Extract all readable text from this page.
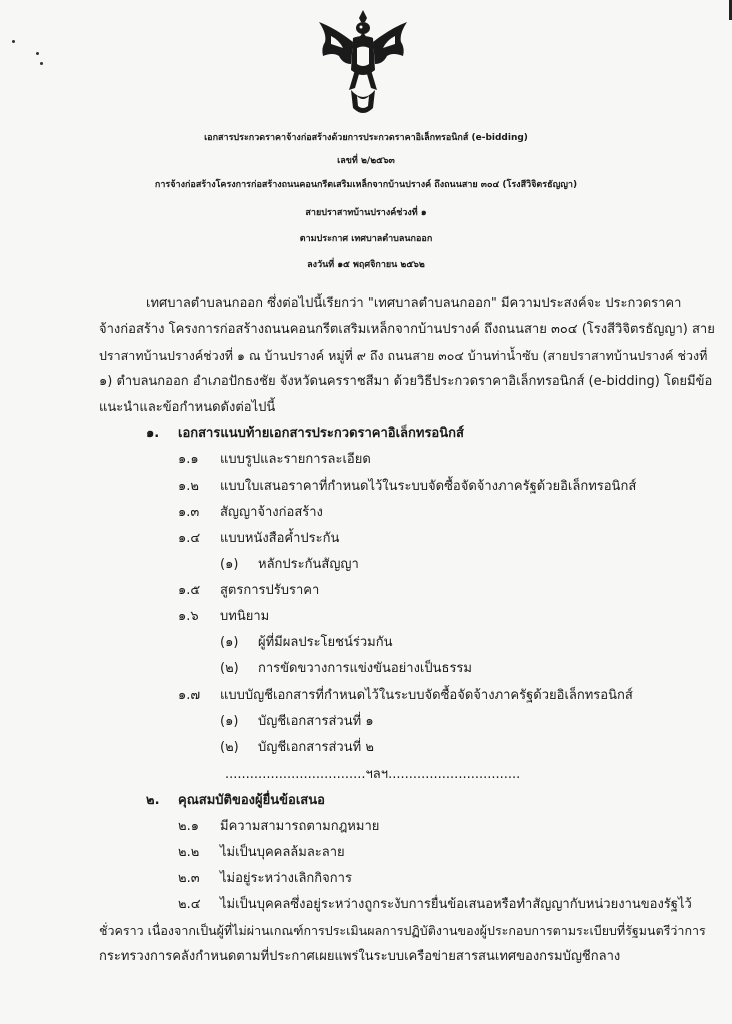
เอกสารประกวดราคาจ้างก่อสร้างด้วยการประกวดราคาอิเล็กทรอนิกส์ (e-bidding)
เลขที่ ๒/๒๕๖๓
การจ้างก่อสร้างโครงการก่อสร้างถนนคอนกรีตเสริมเหล็กจากบ้านปรางค์ ถึงถนนสาย ๓๐๔ (โรงสีวิจิตรธัญญา)
สายปราสาทบ้านปรางค์ช่วงที่ ๑
ตามประกาศ เทศบาลตำบลนกออก
ลงวันที่ ๑๕ พฤศจิกายน ๒๕๖๒
เทศบาลตำบลนกออก ซึ่งต่อไปนี้เรียกว่า "เทศบาลตำบลนกออก" มีความประสงค์จะ ประกวดราคา
จ้างก่อสร้าง โครงการก่อสร้างถนนคอนกรีตเสริมเหล็กจากบ้านปรางค์ ถึงถนนสาย ๓๐๔ (โรงสีวิจิตรธัญญา) สาย
ปราสาทบ้านปรางค์ช่วงที่ ๑ ณ บ้านปรางค์ หมู่ที่ ๙ ถึง ถนนสาย ๓๐๔ บ้านท่าน้ำซับ (สายปราสาทบ้านปรางค์ ช่วงที่
๑) ตำบลนกออก อำเภอปักธงชัย จังหวัดนครราชสีมา ด้วยวิธีประกวดราคาอิเล็กทรอนิกส์ (e-bidding) โดยมีข้อ
แนะนำและข้อกำหนดดังต่อไปนี้
๑. เอกสารแนบท้ายเอกสารประกวดราคาอิเล็กทรอนิกส์
๑.๑ แบบรูปและรายการละเอียด
๑.๒ แบบใบเสนอราคาที่กำหนดไว้ในระบบจัดซื้อจัดจ้างภาครัฐด้วยอิเล็กทรอนิกส์
๑.๓ สัญญาจ้างก่อสร้าง
๑.๔ แบบหนังสือค้ำประกัน
(๑) หลักประกันสัญญา
๑.๕ สูตรการปรับราคา
๑.๖ บทนิยาม
(๑) ผู้ที่มีผลประโยชน์ร่วมกัน
(๒) การขัดขวางการแข่งขันอย่างเป็นธรรม
๑.๗ แบบบัญชีเอกสารที่กำหนดไว้ในระบบจัดซื้อจัดจ้างภาครัฐด้วยอิเล็กทรอนิกส์
(๑) บัญชีเอกสารส่วนที่ ๑
(๒) บัญชีเอกสารส่วนที่ ๒
..................................ฯลฯ................................
๒. คุณสมบัติของผู้ยื่นข้อเสนอ
๒.๑ มีความสามารถตามกฎหมาย
๒.๒ ไม่เป็นบุคคลล้มละลาย
๒.๓ ไม่อยู่ระหว่างเลิกกิจการ
๒.๔ ไม่เป็นบุคคลซึ่งอยู่ระหว่างถูกระงับการยื่นข้อเสนอหรือทำสัญญากับหน่วยงานของรัฐไว้
ชั่วคราว เนื่องจากเป็นผู้ที่ไม่ผ่านเกณฑ์การประเมินผลการปฏิบัติงานของผู้ประกอบการตามระเบียบที่รัฐมนตรีว่าการ
กระทรวงการคลังกำหนดตามที่ประกาศเผยแพร่ในระบบเครือข่ายสารสนเทศของกรมบัญชีกลาง
